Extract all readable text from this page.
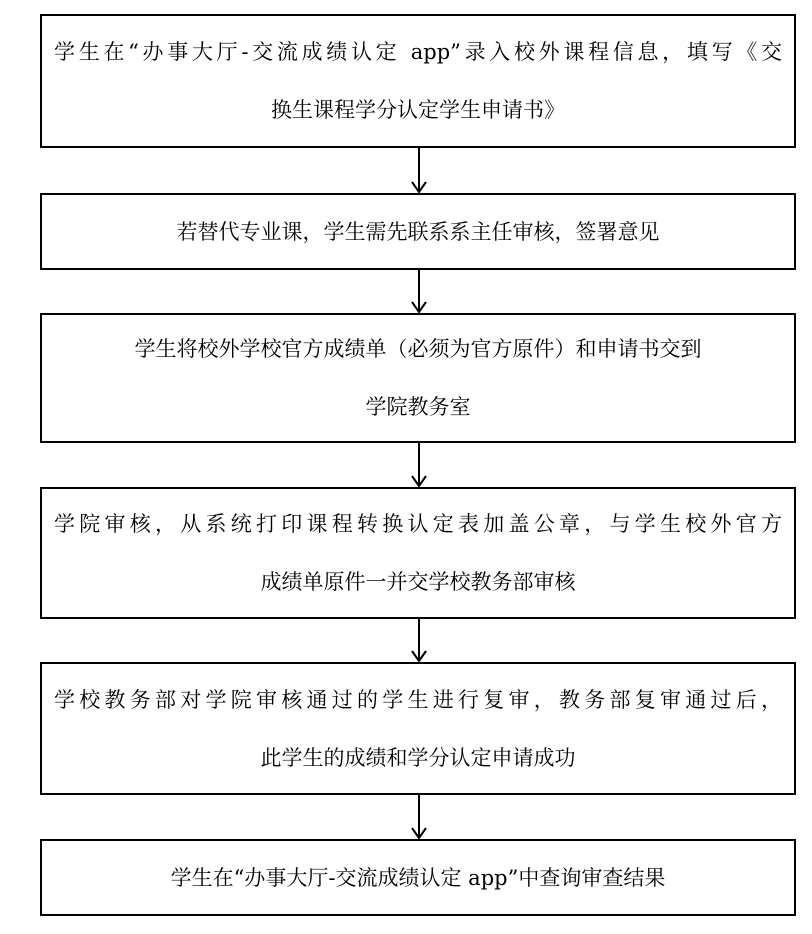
学生在“办事大厅-交流成绩认定 app”录入校外课程信息，填写《交
换生课程学分认定学生申请书》
若替代专业课，学生需先联系系主任审核，签署意见
学生将校外学校官方成绩单（必须为官方原件）和申请书交到
学院教务室
学院审核，从系统打印课程转换认定表加盖公章，与学生校外官方
成绩单原件一并交学校教务部审核
学校教务部对学院审核通过的学生进行复审，教务部复审通过后，
此学生的成绩和学分认定申请成功
学生在“办事大厅-交流成绩认定 app”中查询审查结果
